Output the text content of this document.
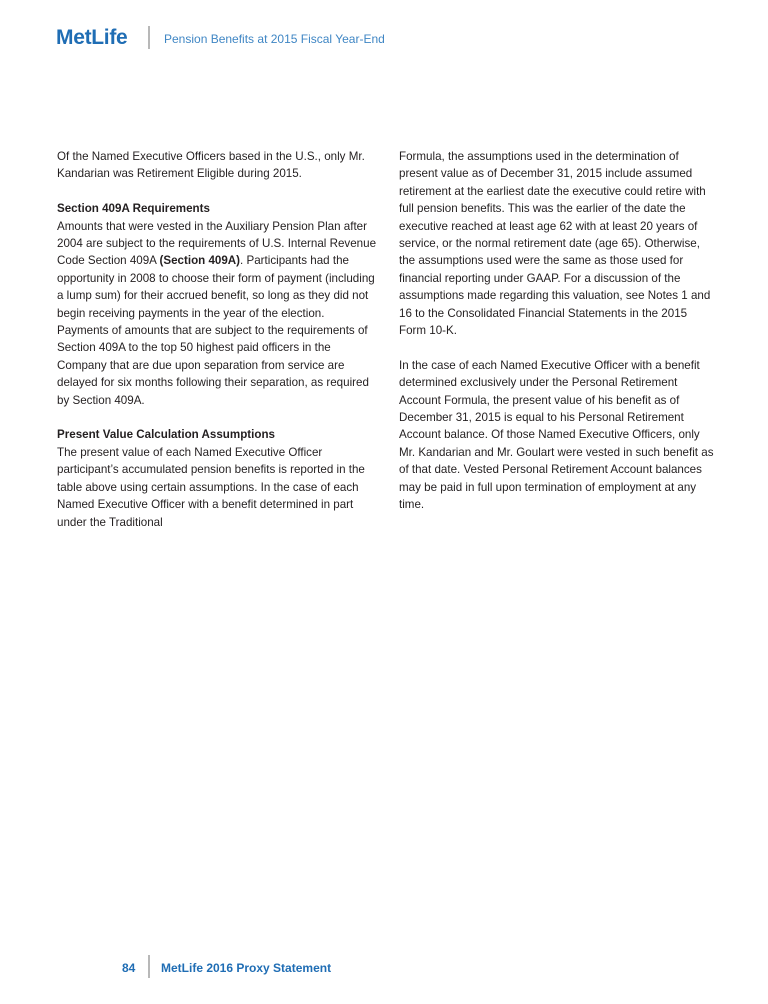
MetLife	Pension Benefits at 2015 Fiscal Year-End

Of the Named Executive Officers based in the U.S., only Mr. Kandarian was Retirement Eligible during 2015.

Section 409A Requirements

Amounts that were vested in the Auxiliary Pension Plan after 2004 are subject to the requirements of U.S. Internal Revenue Code Section 409A (Section 409A). Participants had the opportunity in 2008 to choose their form of payment (including a lump sum) for their accrued benefit, so long as they did not begin receiving payments in the year of the election. Payments of amounts that are subject to the requirements of Section 409A to the top 50 highest paid officers in the Company that are due upon separation from service are delayed for six months following their separation, as required by Section 409A.

Present Value Calculation Assumptions

The present value of each Named Executive Officer participant’s accumulated pension benefits is reported in the table above using certain assumptions. In the case of each Named Executive Officer with a benefit determined in part under the Traditional

Formula, the assumptions used in the determination of present value as of December 31, 2015 include assumed retirement at the earliest date the executive could retire with full pension benefits. This was the earlier of the date the executive reached at least age 62 with at least 20 years of service, or the normal retirement date (age 65). Otherwise, the assumptions used were the same as those used for financial reporting under GAAP. For a discussion of the assumptions made regarding this valuation, see Notes 1 and 16 to the Consolidated Financial Statements in the 2015 Form 10-K.

In the case of each Named Executive Officer with a benefit determined exclusively under the Personal Retirement Account Formula, the present value of his benefit as of December 31, 2015 is equal to his Personal Retirement Account balance. Of those Named Executive Officers, only Mr. Kandarian and Mr. Goulart were vested in such benefit as of that date. Vested Personal Retirement Account balances may be paid in full upon termination of employment at any time.

84 MetLife 2016 Proxy Statement
